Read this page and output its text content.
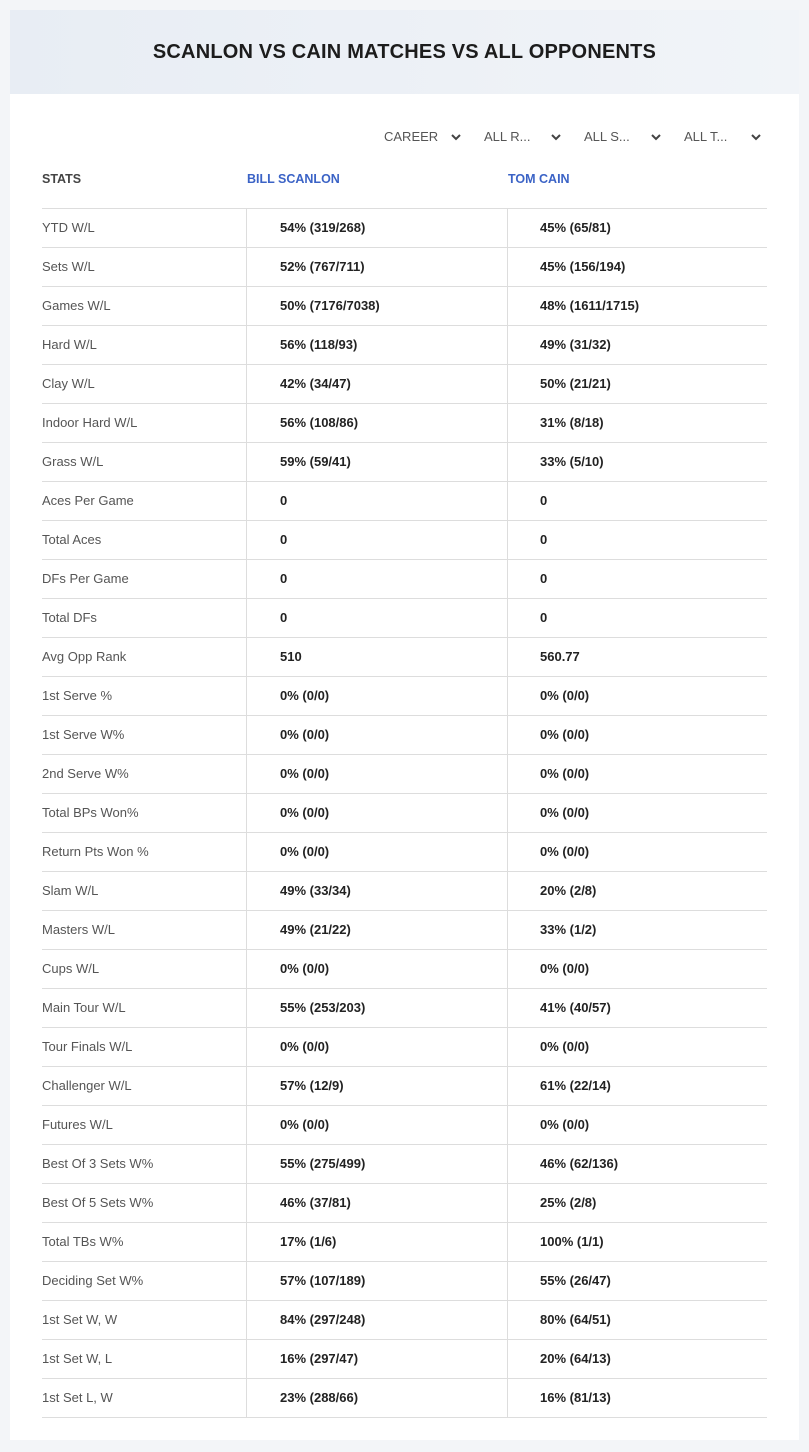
SCANLON VS CAIN MATCHES VS ALL OPPONENTS
CAREER	ALL R...	ALL S...	ALL T...
STATS	BILL SCANLON	TOM CAIN
YTD W/L	54% (319/268)	45% (65/81)
Sets W/L	52% (767/711)	45% (156/194)
Games W/L	50% (7176/7038)	48% (1611/1715)
Hard W/L	56% (118/93)	49% (31/32)
Clay W/L	42% (34/47)	50% (21/21)
Indoor Hard W/L	56% (108/86)	31% (8/18)
Grass W/L	59% (59/41)	33% (5/10)
Aces Per Game	0	0
Total Aces	0	0
DFs Per Game	0	0
Total DFs	0	0
Avg Opp Rank	510	560.77
1st Serve %	0% (0/0)	0% (0/0)
1st Serve W%	0% (0/0)	0% (0/0)
2nd Serve W%	0% (0/0)	0% (0/0)
Total BPs Won%	0% (0/0)	0% (0/0)
Return Pts Won %	0% (0/0)	0% (0/0)
Slam W/L	49% (33/34)	20% (2/8)
Masters W/L	49% (21/22)	33% (1/2)
Cups W/L	0% (0/0)	0% (0/0)
Main Tour W/L	55% (253/203)	41% (40/57)
Tour Finals W/L	0% (0/0)	0% (0/0)
Challenger W/L	57% (12/9)	61% (22/14)
Futures W/L	0% (0/0)	0% (0/0)
Best Of 3 Sets W%	55% (275/499)	46% (62/136)
Best Of 5 Sets W%	46% (37/81)	25% (2/8)
Total TBs W%	17% (1/6)	100% (1/1)
Deciding Set W%	57% (107/189)	55% (26/47)
1st Set W, W	84% (297/248)	80% (64/51)
1st Set W, L	16% (297/47)	20% (64/13)
1st Set L, W	23% (288/66)	16% (81/13)
